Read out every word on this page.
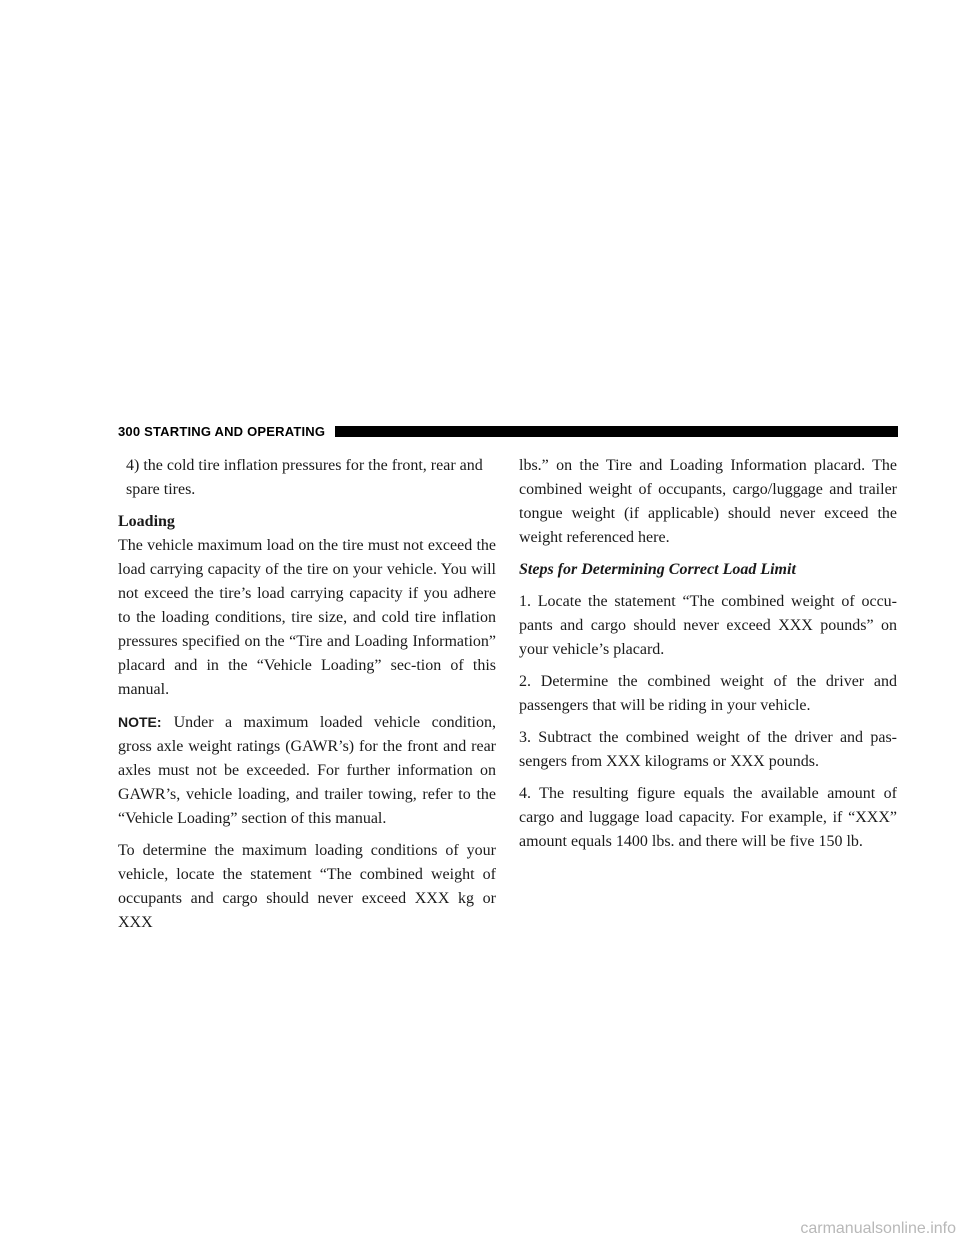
300 STARTING AND OPERATING

4) the cold tire inflation pressures for the front, rear and spare tires.

Loading

The vehicle maximum load on the tire must not exceed the load carrying capacity of the tire on your vehicle. You will not exceed the tire’s load carrying capacity if you adhere to the loading conditions, tire size, and cold tire inflation pressures specified on the “Tire and Loading Information” placard and in the “Vehicle Loading” sec-tion of this manual.

NOTE: Under a maximum loaded vehicle condition, gross axle weight ratings (GAWR’s) for the front and rear axles must not be exceeded. For further information on GAWR’s, vehicle loading, and trailer towing, refer to the “Vehicle Loading” section of this manual.

To determine the maximum loading conditions of your vehicle, locate the statement “The combined weight of occupants and cargo should never exceed XXX kg or XXX

lbs.” on the Tire and Loading Information placard. The combined weight of occupants, cargo/luggage and trailer tongue weight (if applicable) should never exceed the weight referenced here.

Steps for Determining Correct Load Limit

1. Locate the statement “The combined weight of occu-pants and cargo should never exceed XXX pounds” on your vehicle’s placard.

2. Determine the combined weight of the driver and passengers that will be riding in your vehicle.

3. Subtract the combined weight of the driver and pas-sengers from XXX kilograms or XXX pounds.

4. The resulting figure equals the available amount of cargo and luggage load capacity. For example, if “XXX” amount equals 1400 lbs. and there will be five 150 lb.

carmanualsonline.info
